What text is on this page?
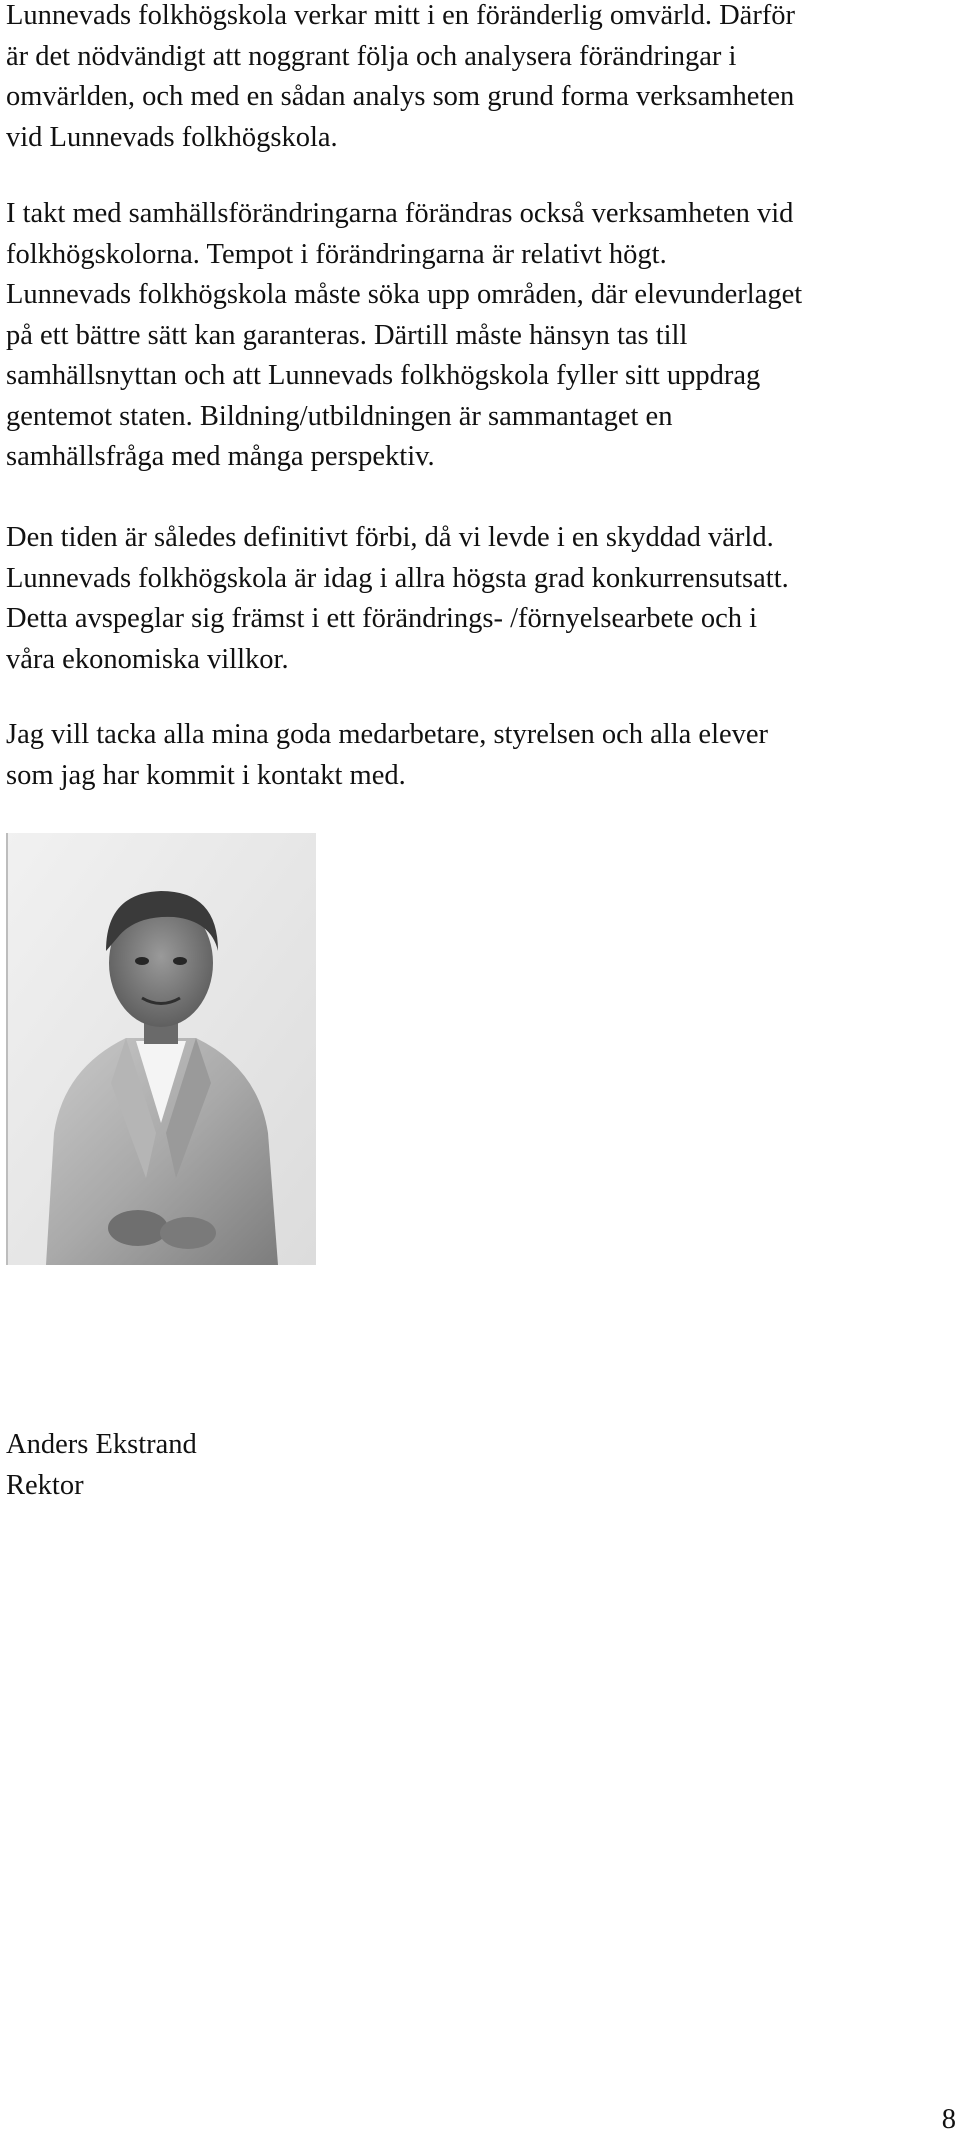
Lunnevads folkhögskola verkar mitt i en föränderlig omvärld. Därför
är det nödvändigt att noggrant följa och analysera förändringar i
omvärlden, och med en sådan analys som grund forma verksamheten
vid Lunnevads folkhögskola.

I takt med samhällsförändringarna förändras också verksamheten vid
folkhögskolorna. Tempot i förändringarna är relativt högt.
Lunnevads folkhögskola måste söka upp områden, där elevunderlaget
på ett bättre sätt kan garanteras. Därtill måste hänsyn tas till
samhällsnyttan och att Lunnevads folkhögskola fyller sitt uppdrag
gentemot staten. Bildning/utbildningen är sammantaget en
samhällsfråga med många perspektiv.

Den tiden är således definitivt förbi, då vi levde i en skyddad värld.
Lunnevads folkhögskola är idag i allra högsta grad konkurrensutsatt.
Detta avspeglar sig främst i ett förändrings- /förnyelsearbete och i
våra ekonomiska villkor.

Jag vill tacka alla mina goda medarbetare, styrelsen och alla elever
som jag har kommit i kontakt med.

Anders Ekstrand
Rektor
8
